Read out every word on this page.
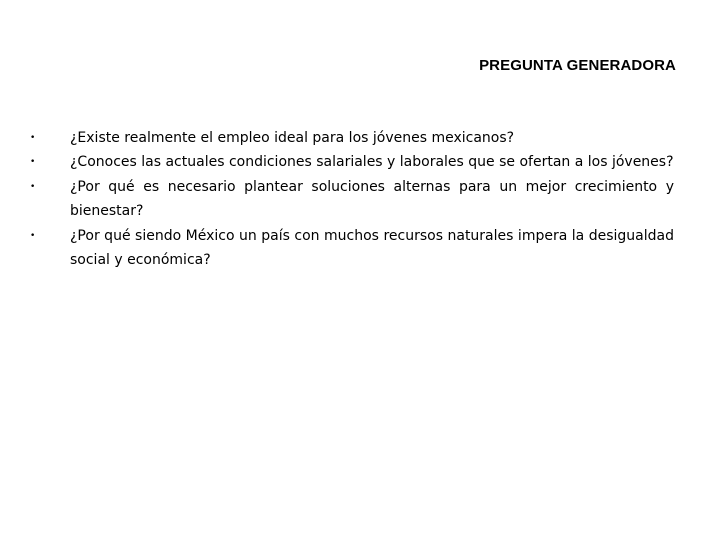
PREGUNTA GENERADORA
• ¿Existe realmente el empleo ideal para los jóvenes mexicanos?
• ¿Conoces las actuales condiciones salariales y laborales que se ofertan a los jóvenes?
• ¿Por qué es necesario plantear soluciones alternas para un mejor crecimiento y bienestar?
• ¿Por qué siendo México un país con muchos recursos naturales impera la desigualdad social y económica?
